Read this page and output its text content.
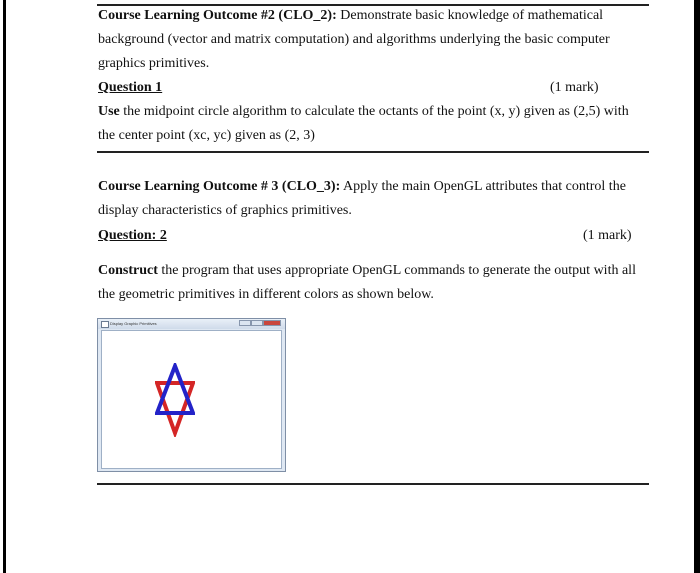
Course Learning Outcome #2 (CLO_2): Demonstrate basic knowledge of mathematical
background (vector and matrix computation) and algorithms underlying the basic computer
graphics primitives.
Question 1	(1 mark)
Use the midpoint circle algorithm to calculate the octants of the point (x, y) given as (2,5) with
the center point (xc, yc) given as (2, 3)
Course Learning Outcome # 3 (CLO_3): Apply the main OpenGL attributes that control the
display characteristics of graphics primitives.
Question: 2	(1 mark)
Construct the program that uses appropriate OpenGL commands to generate the output with all
the geometric primitives in different colors as shown below.
Display Graphic Primitives
